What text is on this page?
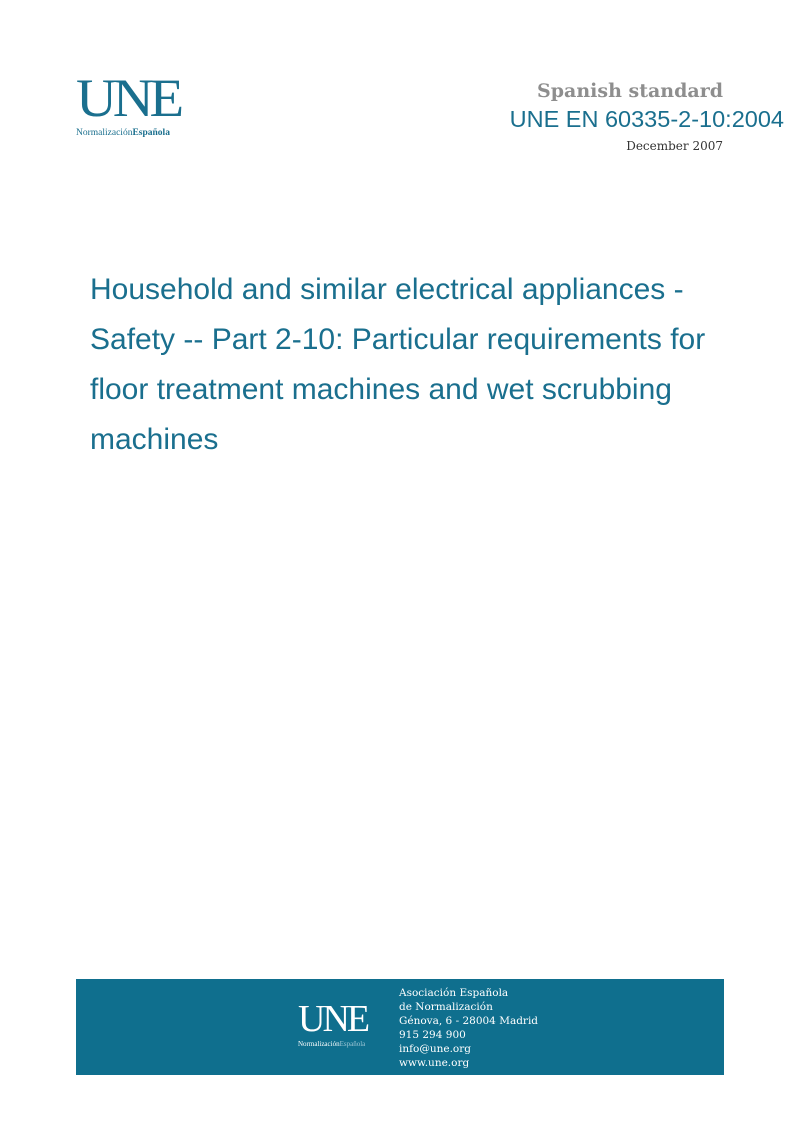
UNE
NormalizaciónEspañola
Spanish standard
UNE EN 60335-2-10:2004
December 2007
Household and similar electrical appliances - Safety -- Part 2-10: Particular requirements for floor treatment machines and wet scrubbing machines
UNE
NormalizaciónEspañola
Asociación Española
de Normalización
Génova, 6 - 28004 Madrid
915 294 900
info@une.org
www.une.org
